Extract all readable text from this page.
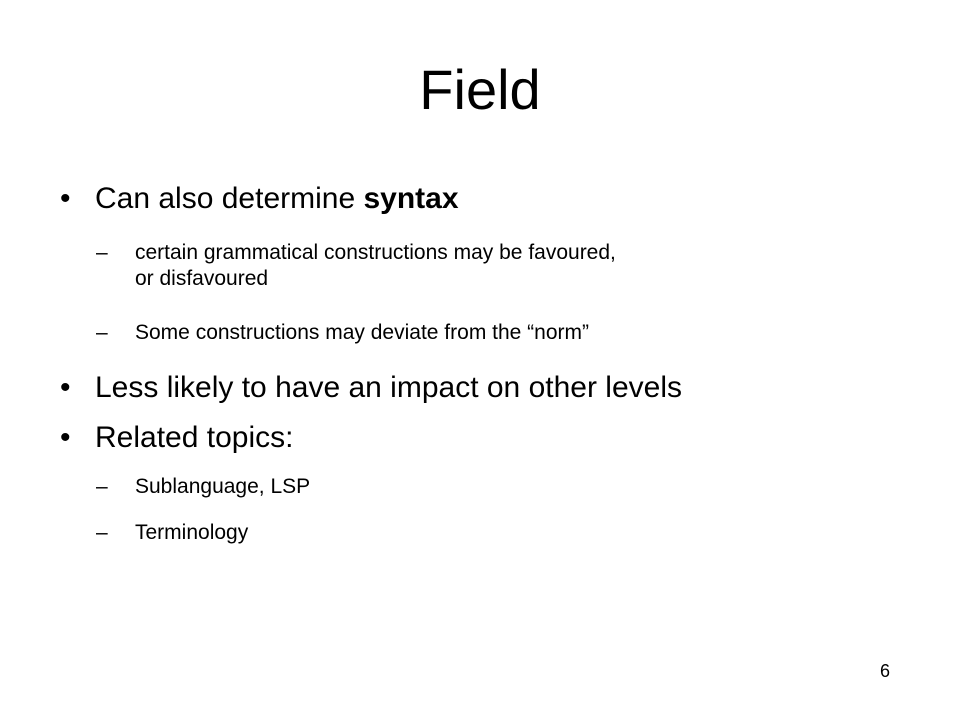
Field
• Can also determine syntax
– certain grammatical constructions may be favoured,
or disfavoured
– Some constructions may deviate from the “norm”
• Less likely to have an impact on other levels
• Related topics:
– Sublanguage, LSP
– Terminology
6
